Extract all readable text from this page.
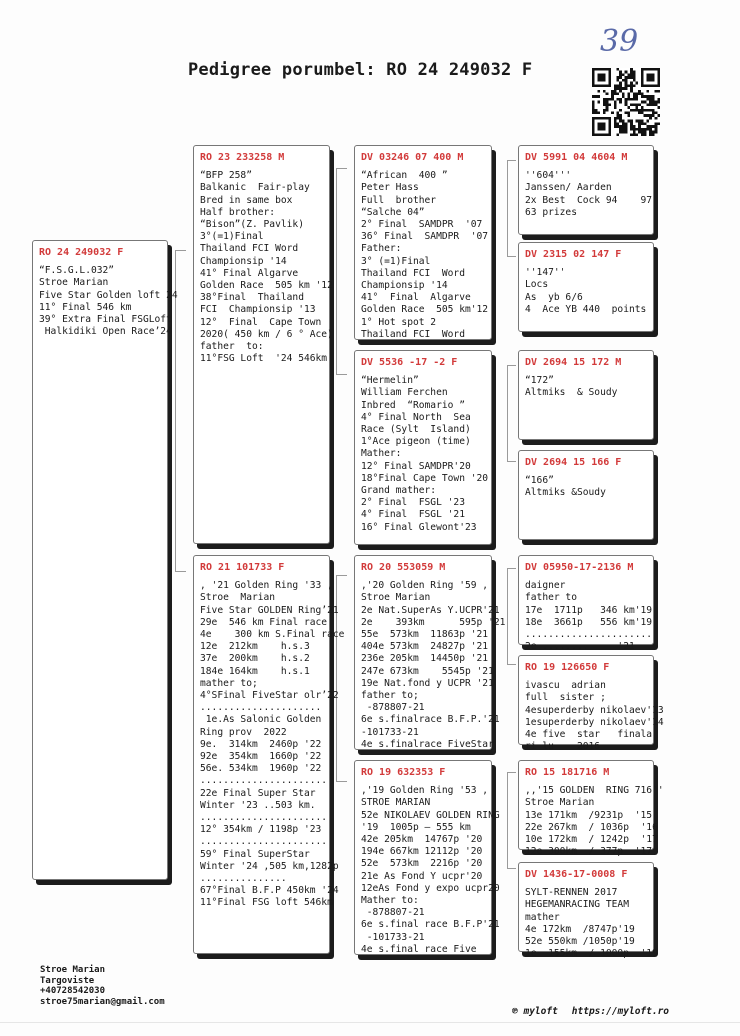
39
Pedigree porumbel: RO 24 249032 F
RO 24 249032 F
“F.S.G.L.032”
Stroe Marian
Five Star Golden loft 24
11° Final 546 km
39° Extra Final FSGLoft
Halkidiki Open Race’24
RO 23 233258 M
“BFP 258”
Balkanic  Fair-play
Bred in same box
Half brother:
“Bison”(Z. Pavlik)
3°(=1)Final
Thailand FCI Word
Championsip '14
41° Final Algarve
Golden Race  505 km '12
38°Final  Thailand
FCI  Championsip '13
12°  Final  Cape Town
2020( 450 km / 6 ° Ace)
father  to:
11°FSG Loft  '24 546km
RO 21 101733 F
, '21 Golden Ring '33 ,
Stroe  Marian
Five Star GOLDEN Ring’21
29e  546 km Final race
4e    300 km S.Final race
12e  212km    h.s.3
37e  200km    h.s.2
184e 164km    h.s.1
mather to;
4°SFinal FiveStar olr’22
.....................
1e.As Salonic Golden
Ring prov  2022
9e.  314km  2460p '22
92e  354km  1660p '22
56e. 534km  1960p '22
......................
22e Final Super Star
Winter '23 ..503 km.
......................
12° 354km / 1198p '23
......................
59° Final SuperStar
Winter '24 ,505 km,1282p
...............
67°Final B.F.P 450km '24
11°Final FSG loft 546km
DV 03246 07 400 M
“African  400 ”
Peter Hass
Full  brother
“Salche 04”
2° Final  SAMDPR  '07
36° Final  SAMDPR  '07
Father:
3° (=1)Final
Thailand FCI  Word
Championsip '14
41°  Final  Algarve
Golden Race  505 km'12
1° Hot spot 2
Thailand FCI  Word
DV 5536 -17 -2 F
“Hermelin”
William Ferchen
Inbred  “Romario ”
4° Final North  Sea
Race (Sylt  Island)
1°Ace pigeon (time)
Mather:
12° Final SAMDPR'20
18°Final Cape Town '20
Grand mather:
2° Final  FSGL '23
4° Final  FSGL '21
16° Final Glewont'23
RO 20 553059 M
,'20 Golden Ring '59 ,
Stroe Marian
2e Nat.SuperAs Y.UCPR'21
2e    393km      595p '21
55e  573km  11863p '21
404e 573km  24827p '21
236e 205km  14450p '21
247e 673km    5545p '21
19e Nat.fond y UCPR '21
father to;
-878807-21
6e s.finalrace B.F.P.'21
-101733-21
4e s.finalrace FiveStar
RO 19 632353 F
,'19 Golden Ring '53 ,
STROE MARIAN
52e NIKOLAEV GOLDEN RING
'19  1005p – 555 km
42e 205km  14767p '20
194e 667km 12112p '20
52e  573km  2216p '20
21e As Fond Y ucpr'20
12eAs Fond y expo ucpr20
Mather to:
-878807-21
6e s.final race B.F.P'21
-101733-21
4e s.final race Five
DV 5991 04 4604 M
''604'''
Janssen/ Aarden
2x Best  Cock 94    97
63 prizes
DV 2315 02 147 F
''147''
Locs
As  yb 6/6
4  Ace YB 440  points
DV 2694 15 172 M
“172”
Altmiks  & Soudy
DV 2694 15 166 F
“166”
Altmiks &Soudy
DV 05950-17-2136 M
daigner
father to
17e  1711p   346 km'19
18e  3661p   556 km'19
......................
2e ........     '21
RO 19 126650 F
ivascu  adrian
full  sister ;
4esuperderby nikolaev'13
1esuperderby nikolaev'14
4e five  star   finala
ri lu    2016
RO 15 181716 M
,,'15 GOLDEN  RING 716''
Stroe Marian
13e 171km  /9231p  '15
22e 267km  / 1036p  '16
10e 172km  / 1242p  '17
12e 300km  / 377p  '17
DV 1436-17-0008 F
SYLT-RENNEN 2017
HEGEMANRACING TEAM
mather
4e 172km  /8747p'19
52e 550km /1050p'19
1e  155km  / 1000p  '19
Stroe Marian
Targoviste
+40728542030
stroe75marian@gmail.com
℗ myloft https://myloft.ro
